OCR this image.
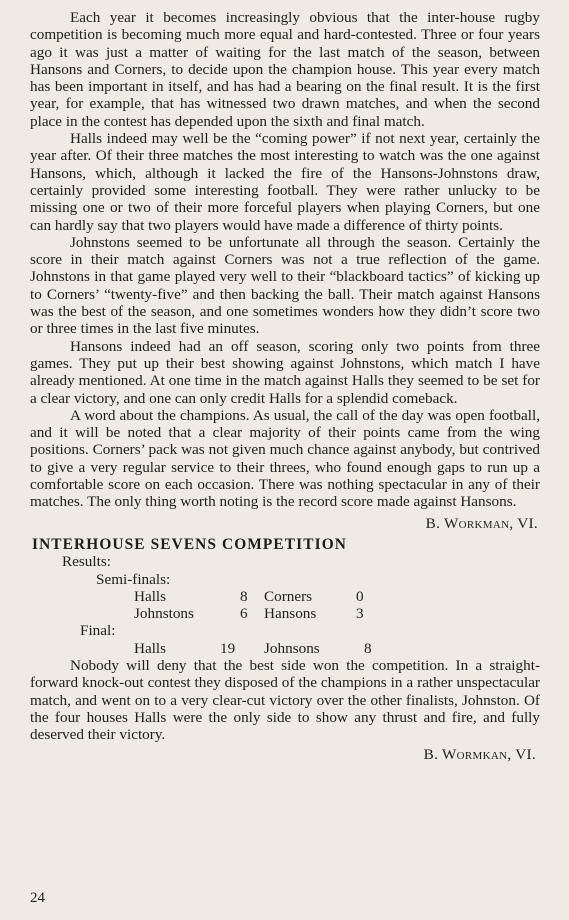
Each year it becomes increasingly obvious that the inter-house rugby competition is becoming much more equal and hard-contested. Three or four years ago it was just a matter of waiting for the last match of the season, between Hansons and Corners, to decide upon the champion house. This year every match has been important in itself, and has had a bearing on the final result. It is the first year, for example, that has witnessed two drawn matches, and when the second place in the contest has depended upon the sixth and final match.

Halls indeed may well be the “coming power” if not next year, certainly the year after. Of their three matches the most interesting to watch was the one against Hansons, which, although it lacked the fire of the Hansons-Johnstons draw, certainly provided some interesting football. They were rather unlucky to be missing one or two of their more forceful players when playing Corners, but one can hardly say that two players would have made a difference of thirty points.

Johnstons seemed to be unfortunate all through the season. Certainly the score in their match against Corners was not a true reflection of the game. Johnstons in that game played very well to their “blackboard tactics” of kicking up to Corners’ “twenty-five” and then backing the ball. Their match against Hansons was the best of the season, and one sometimes wonders how they didn’t score two or three times in the last five minutes.

Hansons indeed had an off season, scoring only two points from three games. They put up their best showing against Johnstons, which match I have already mentioned. At one time in the match against Halls they seemed to be set for a clear victory, and one can only credit Halls for a splendid comeback.

A word about the champions. As usual, the call of the day was open football, and it will be noted that a clear majority of their points came from the wing positions. Corners’ pack was not given much chance against anybody, but contrived to give a very regular service to their threes, who found enough gaps to run up a comfortable score on each occasion. There was nothing spectacular in any of their matches. The only thing worth noting is the record score made against Hansons.

B. Workman, VI.
INTERHOUSE SEVENS COMPETITION
Results:
Semi-finals:
Halls	8	Corners	0
Johnstons	6	Hansons	3
Final:
Halls	19	Johnsons	8

Nobody will deny that the best side won the competition. In a straight-forward knock-out contest they disposed of the champions in a rather unspectacular match, and went on to a very clear-cut victory over the other finalists, Johnston. Of the four houses Halls were the only side to show any thrust and fire, and fully deserved their victory.

B. Wormkan, VI.
24
